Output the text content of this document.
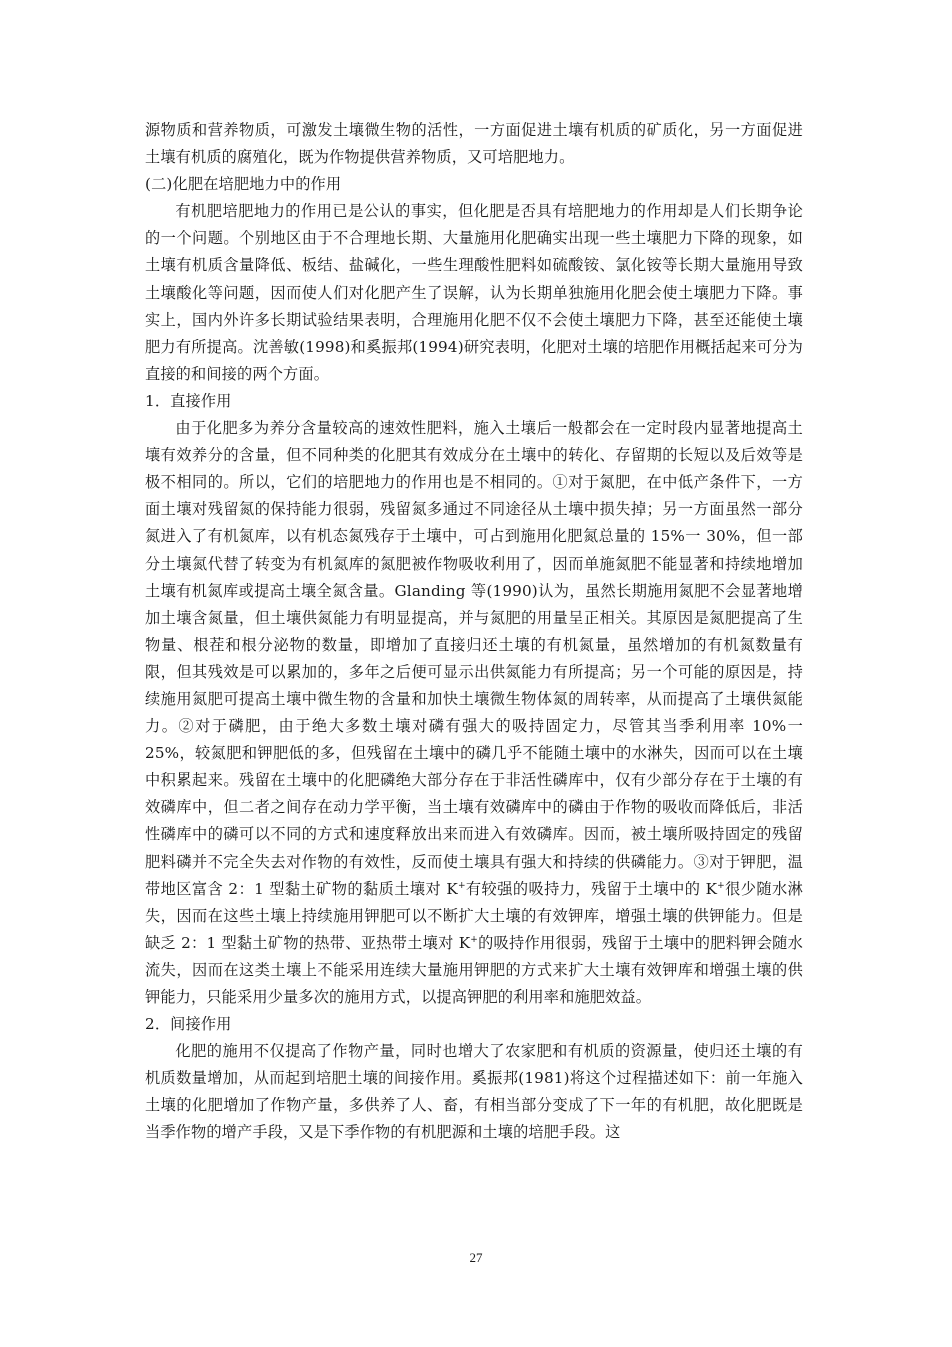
源物质和营养物质，可激发土壤微生物的活性，一方面促进土壤有机质的矿质化，另一方面促进土壤有机质的腐殖化，既为作物提供营养物质，又可培肥地力。

(二)化肥在培肥地力中的作用

有机肥培肥地力的作用已是公认的事实，但化肥是否具有培肥地力的作用却是人们长期争论的一个问题。个别地区由于不合理地长期、大量施用化肥确实出现一些土壤肥力下降的现象，如土壤有机质含量降低、板结、盐碱化，一些生理酸性肥料如硫酸铵、氯化铵等长期大量施用导致土壤酸化等问题，因而使人们对化肥产生了误解，认为长期单独施用化肥会使土壤肥力下降。事实上，国内外许多长期试验结果表明，合理施用化肥不仅不会使土壤肥力下降，甚至还能使土壤肥力有所提高。沈善敏(1998)和奚振邦(1994)研究表明，化肥对土壤的培肥作用概括起来可分为直接的和间接的两个方面。

1．直接作用

由于化肥多为养分含量较高的速效性肥料，施入土壤后一般都会在一定时段内显著地提高土壤有效养分的含量，但不同种类的化肥其有效成分在土壤中的转化、存留期的长短以及后效等是极不相同的。所以，它们的培肥地力的作用也是不相同的。①对于氮肥，在中低产条件下，一方面土壤对残留氮的保持能力很弱，残留氮多通过不同途径从土壤中损失掉；另一方面虽然一部分氮进入了有机氮库，以有机态氮残存于土壤中，可占到施用化肥氮总量的 15%一 30%，但一部分土壤氮代替了转变为有机氮库的氮肥被作物吸收利用了，因而单施氮肥不能显著和持续地增加土壤有机氮库或提高土壤全氮含量。Glanding 等(1990)认为，虽然长期施用氮肥不会显著地增加土壤含氮量，但土壤供氮能力有明显提高，并与氮肥的用量呈正相关。其原因是氮肥提高了生物量、根茬和根分泌物的数量，即增加了直接归还土壤的有机氮量，虽然增加的有机氮数量有限，但其残效是可以累加的，多年之后便可显示出供氮能力有所提高；另一个可能的原因是，持续施用氮肥可提高土壤中微生物的含量和加快土壤微生物体氮的周转率，从而提高了土壤供氮能力。②对于磷肥，由于绝大多数土壤对磷有强大的吸持固定力，尽管其当季利用率 10%一 25%，较氮肥和钾肥低的多，但残留在土壤中的磷几乎不能随土壤中的水淋失，因而可以在土壤中积累起来。残留在土壤中的化肥磷绝大部分存在于非活性磷库中，仅有少部分存在于土壤的有效磷库中，但二者之间存在动力学平衡，当土壤有效磷库中的磷由于作物的吸收而降低后，非活性磷库中的磷可以不同的方式和速度释放出来而进入有效磷库。因而，被土壤所吸持固定的残留肥料磷并不完全失去对作物的有效性，反而使土壤具有强大和持续的供磷能力。③对于钾肥，温带地区富含 2：1 型黏土矿物的黏质土壤对 K+有较强的吸持力，残留于土壤中的 K+很少随水淋失，因而在这些土壤上持续施用钾肥可以不断扩大土壤的有效钾库，增强土壤的供钾能力。但是缺乏 2：1 型黏土矿物的热带、亚热带土壤对 K+的吸持作用很弱，残留于土壤中的肥料钾会随水流失，因而在这类土壤上不能采用连续大量施用钾肥的方式来扩大土壤有效钾库和增强土壤的供钾能力，只能采用少量多次的施用方式，以提高钾肥的利用率和施肥效益。

2．间接作用

化肥的施用不仅提高了作物产量，同时也增大了农家肥和有机质的资源量，使归还土壤的有机质数量增加，从而起到培肥土壤的间接作用。奚振邦(1981)将这个过程描述如下：前一年施入土壤的化肥增加了作物产量，多供养了人、畜，有相当部分变成了下一年的有机肥，故化肥既是当季作物的增产手段，又是下季作物的有机肥源和土壤的培肥手段。这

27
